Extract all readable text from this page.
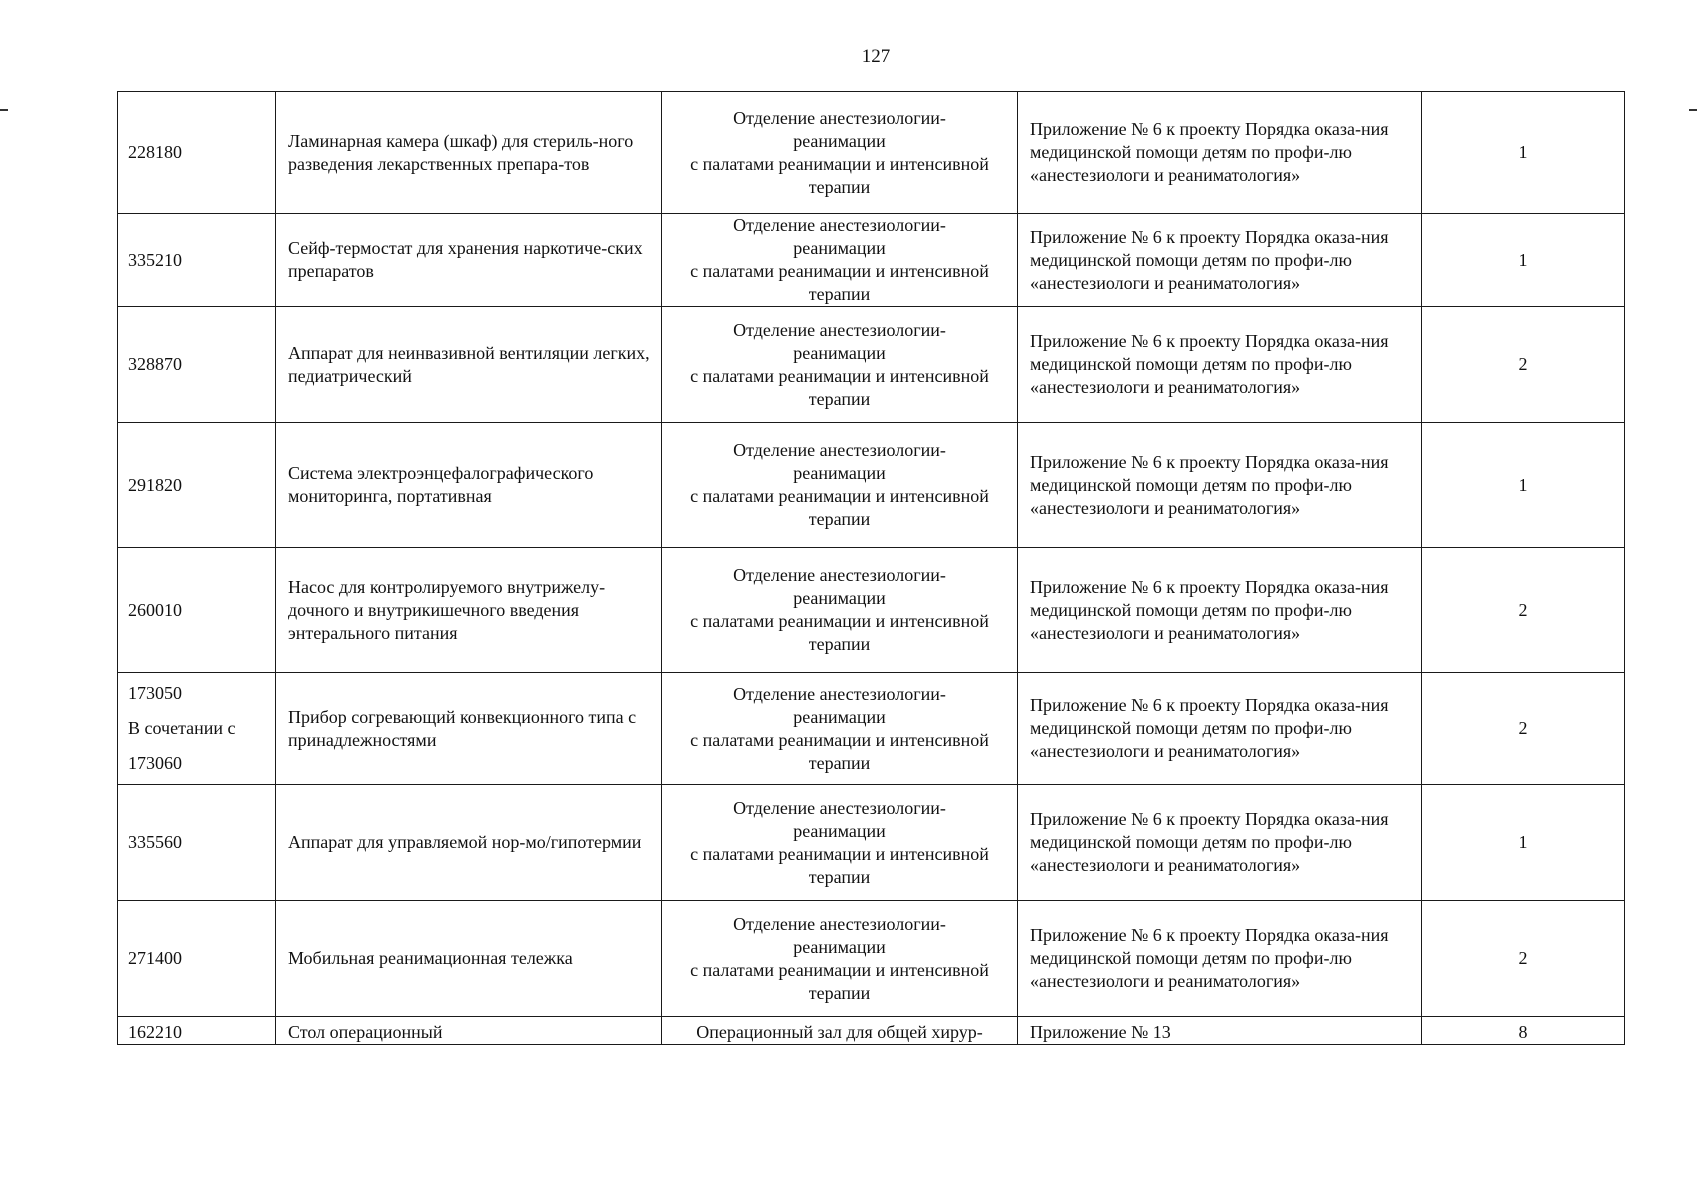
127
228180	Ламинарная камера (шкаф) для стериль-ного разведения лекарственных препара-тов	Отделение анестезиологии-
реанимации
с палатами реанимации и интенсивной
терапии	Приложение № 6 к проекту Порядка оказа-ния медицинской помощи детям по профи-лю «анестезиологи и реаниматология»	1

335210	Сейф-термостат для хранения наркотиче-ских препаратов	Отделение анестезиологии-
реанимации
с палатами реанимации и интенсивной
терапии	Приложение № 6 к проекту Порядка оказа-ния медицинской помощи детям по профи-лю «анестезиологи и реаниматология»	1

328870	Аппарат для неинвазивной вентиляции легких, педиатрический	Отделение анестезиологии-
реанимации
с палатами реанимации и интенсивной
терапии	Приложение № 6 к проекту Порядка оказа-ния медицинской помощи детям по профи-лю «анестезиологи и реаниматология»	2

291820	Система электроэнцефалографического мониторинга, портативная	Отделение анестезиологии-
реанимации
с палатами реанимации и интенсивной
терапии	Приложение № 6 к проекту Порядка оказа-ния медицинской помощи детям по профи-лю «анестезиологи и реаниматология»	1

260010	Насос для контролируемого внутрижелу-дочного и внутрикишечного введения энтерального питания	Отделение анестезиологии-
реанимации
с палатами реанимации и интенсивной
терапии	Приложение № 6 к проекту Порядка оказа-ния медицинской помощи детям по профи-лю «анестезиологи и реаниматология»	2

173050
В сочетании с
173060	Прибор согревающий конвекционного типа с принадлежностями	Отделение анестезиологии-
реанимации
с палатами реанимации и интенсивной
терапии	Приложение № 6 к проекту Порядка оказа-ния медицинской помощи детям по профи-лю «анестезиологи и реаниматология»	2

335560	Аппарат для управляемой нор-мо/гипотермии	Отделение анестезиологии-
реанимации
с палатами реанимации и интенсивной
терапии	Приложение № 6 к проекту Порядка оказа-ния медицинской помощи детям по профи-лю «анестезиологи и реаниматология»	1

271400	Мобильная реанимационная тележка	Отделение анестезиологии-
реанимации
с палатами реанимации и интенсивной
терапии	Приложение № 6 к проекту Порядка оказа-ния медицинской помощи детям по профи-лю «анестезиологи и реаниматология»	2

162210	Стол операционный	Операционный зал для общей хирур-	Приложение № 13	8
